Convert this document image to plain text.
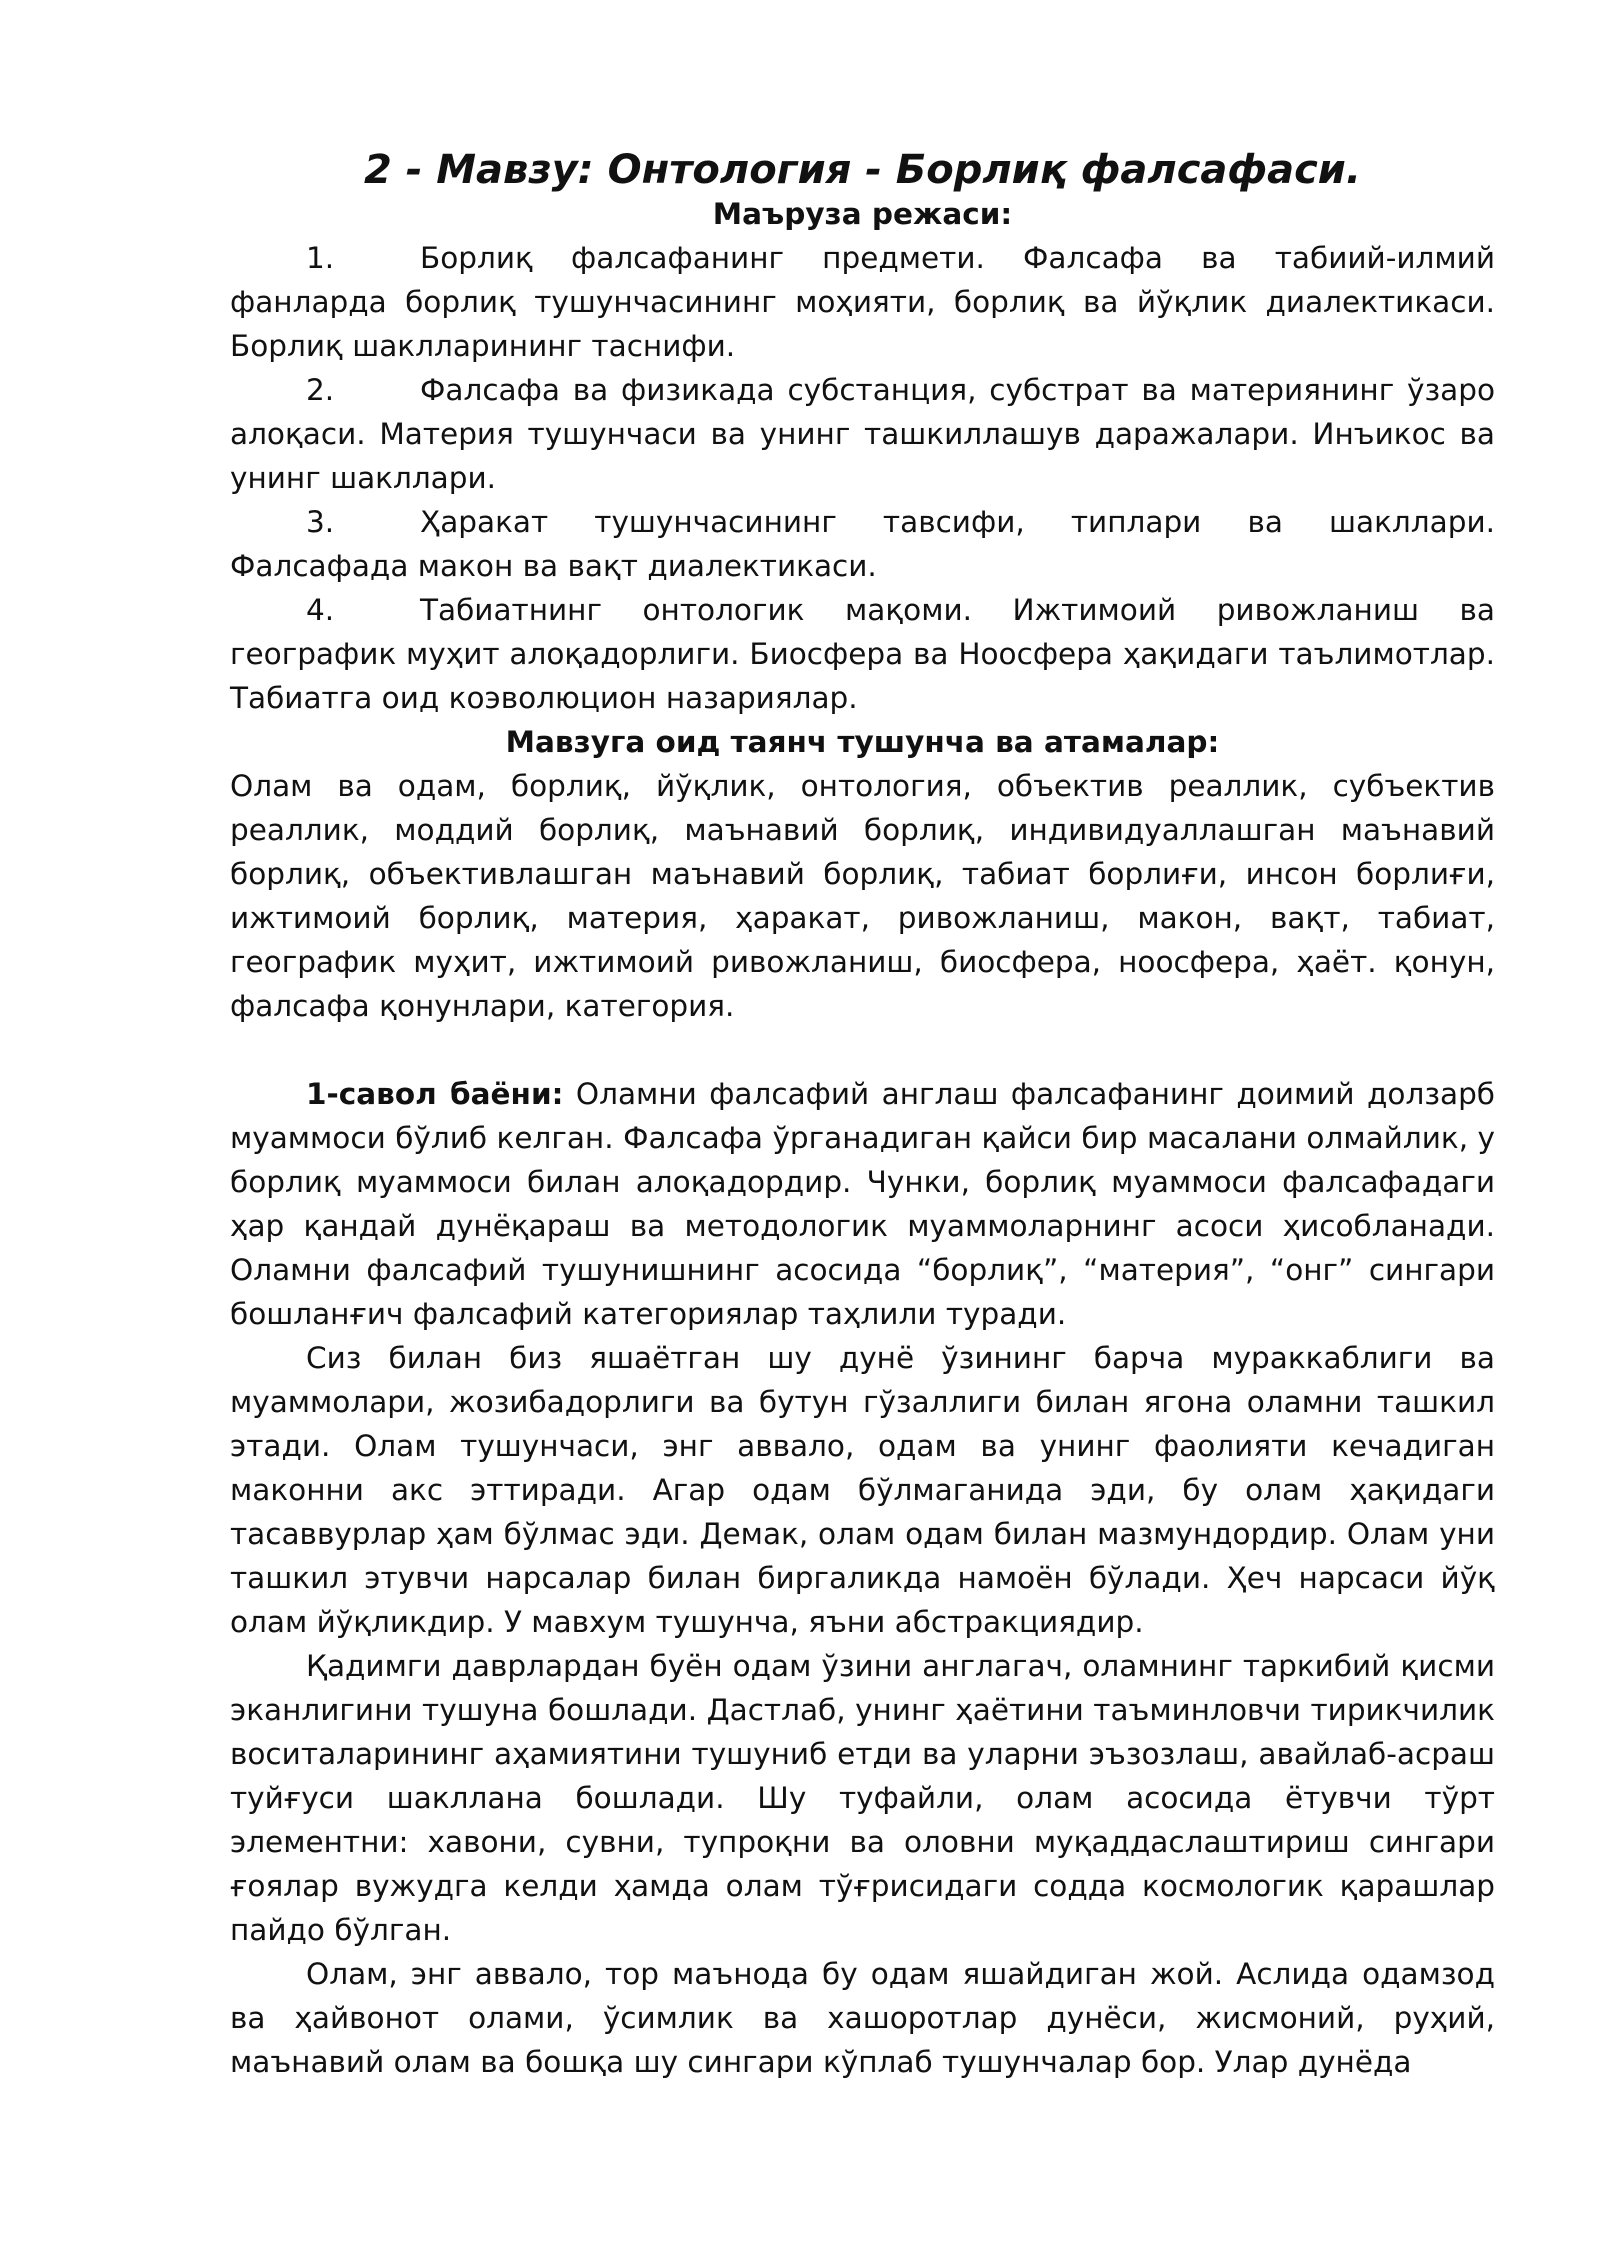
2 - Мавзу: Онтология - Борлиқ фалсафаси.

Маъруза режаси:

1.	Борлиқ фалсафанинг предмети. Фалсафа ва табиий-илмий фанларда борлиқ тушунчасининг моҳияти, борлиқ ва йўқлик диалектикаси. Борлиқ шаклларининг таснифи.

2.	Фалсафа ва физикада субстанция, субстрат ва материянинг ўзаро алоқаси. Материя тушунчаси ва унинг ташкиллашув даражалари. Инъикос ва унинг шакллари.

3.	Ҳаракат тушунчасининг тавсифи, типлари ва шакллари. Фалсафада макон ва вақт диалектикаси.

4.	Табиатнинг онтологик мақоми. Ижтимоий ривожланиш ва географик муҳит алоқадорлиги. Биосфера ва Ноосфера ҳақидаги таълимотлар. Табиатга оид коэволюцион назариялар.

Мавзуга оид таянч тушунча ва атамалар:

Олам ва одам, борлиқ, йўқлик, онтология, объектив реаллик, субъектив реаллик, моддий борлиқ, маънавий борлиқ, индивидуаллашган маънавий борлиқ, объективлашган маънавий борлиқ, табиат борлиғи, инсон борлиғи, ижтимоий борлиқ, материя, ҳаракат, ривожланиш, макон, вақт, табиат, географик муҳит, ижтимоий ривожланиш, биосфера, ноосфера, ҳаёт. қонун, фалсафа қонунлари, категория.

1-савол баёни: Оламни фалсафий англаш фалсафанинг доимий долзарб муаммоси бўлиб келган. Фалсафа ўрганадиган қайси бир масалани олмайлик, у борлиқ муаммоси билан алоқадордир. Чунки, борлиқ муаммоси фалсафадаги ҳар қандай дунёқараш ва методологик муаммоларнинг асоси ҳисобланади. Оламни фалсафий тушунишнинг асосида “борлиқ”, “материя”, “онг” сингари бошланғич фалсафий категориялар таҳлили туради.

Сиз билан биз яшаётган шу дунё ўзининг барча мураккаблиги ва муаммолари, жозибадорлиги ва бутун гўзаллиги билан ягона оламни ташкил этади. Олам тушунчаси, энг аввало, одам ва унинг фаолияти кечадиган маконни акс эттиради. Агар одам бўлмаганида эди, бу олам ҳақидаги тасаввурлар ҳам бўлмас эди. Демак, олам одам билан мазмундордир. Олам уни ташкил этувчи нарсалар билан биргаликда намоён бўлади. Ҳеч нарсаси йўқ олам йўқликдир. У мавхум тушунча, яъни абстракциядир.

Қадимги даврлардан буён одам ўзини англагач, оламнинг таркибий қисми эканлигини тушуна бошлади. Дастлаб, унинг ҳаётини таъминловчи тирикчилик воситаларининг аҳамиятини тушуниб етди ва уларни эъзозлаш, авайлаб-асраш туйғуси шакллана бошлади. Шу туфайли, олам асосида ётувчи тўрт элементни: хавони, сувни, тупроқни ва оловни муқаддаслаштириш сингари ғоялар вужудга келди ҳамда олам тўғрисидаги содда космологик қарашлар пайдо бўлган.

Олам, энг аввало, тор маънода бу одам яшайдиган жой. Аслида одамзод ва ҳайвонот олами, ўсимлик ва хашоротлар дунёси, жисмоний, руҳий, маънавий олам ва бошқа шу сингари кўплаб тушунчалар бор. Улар дунёда
